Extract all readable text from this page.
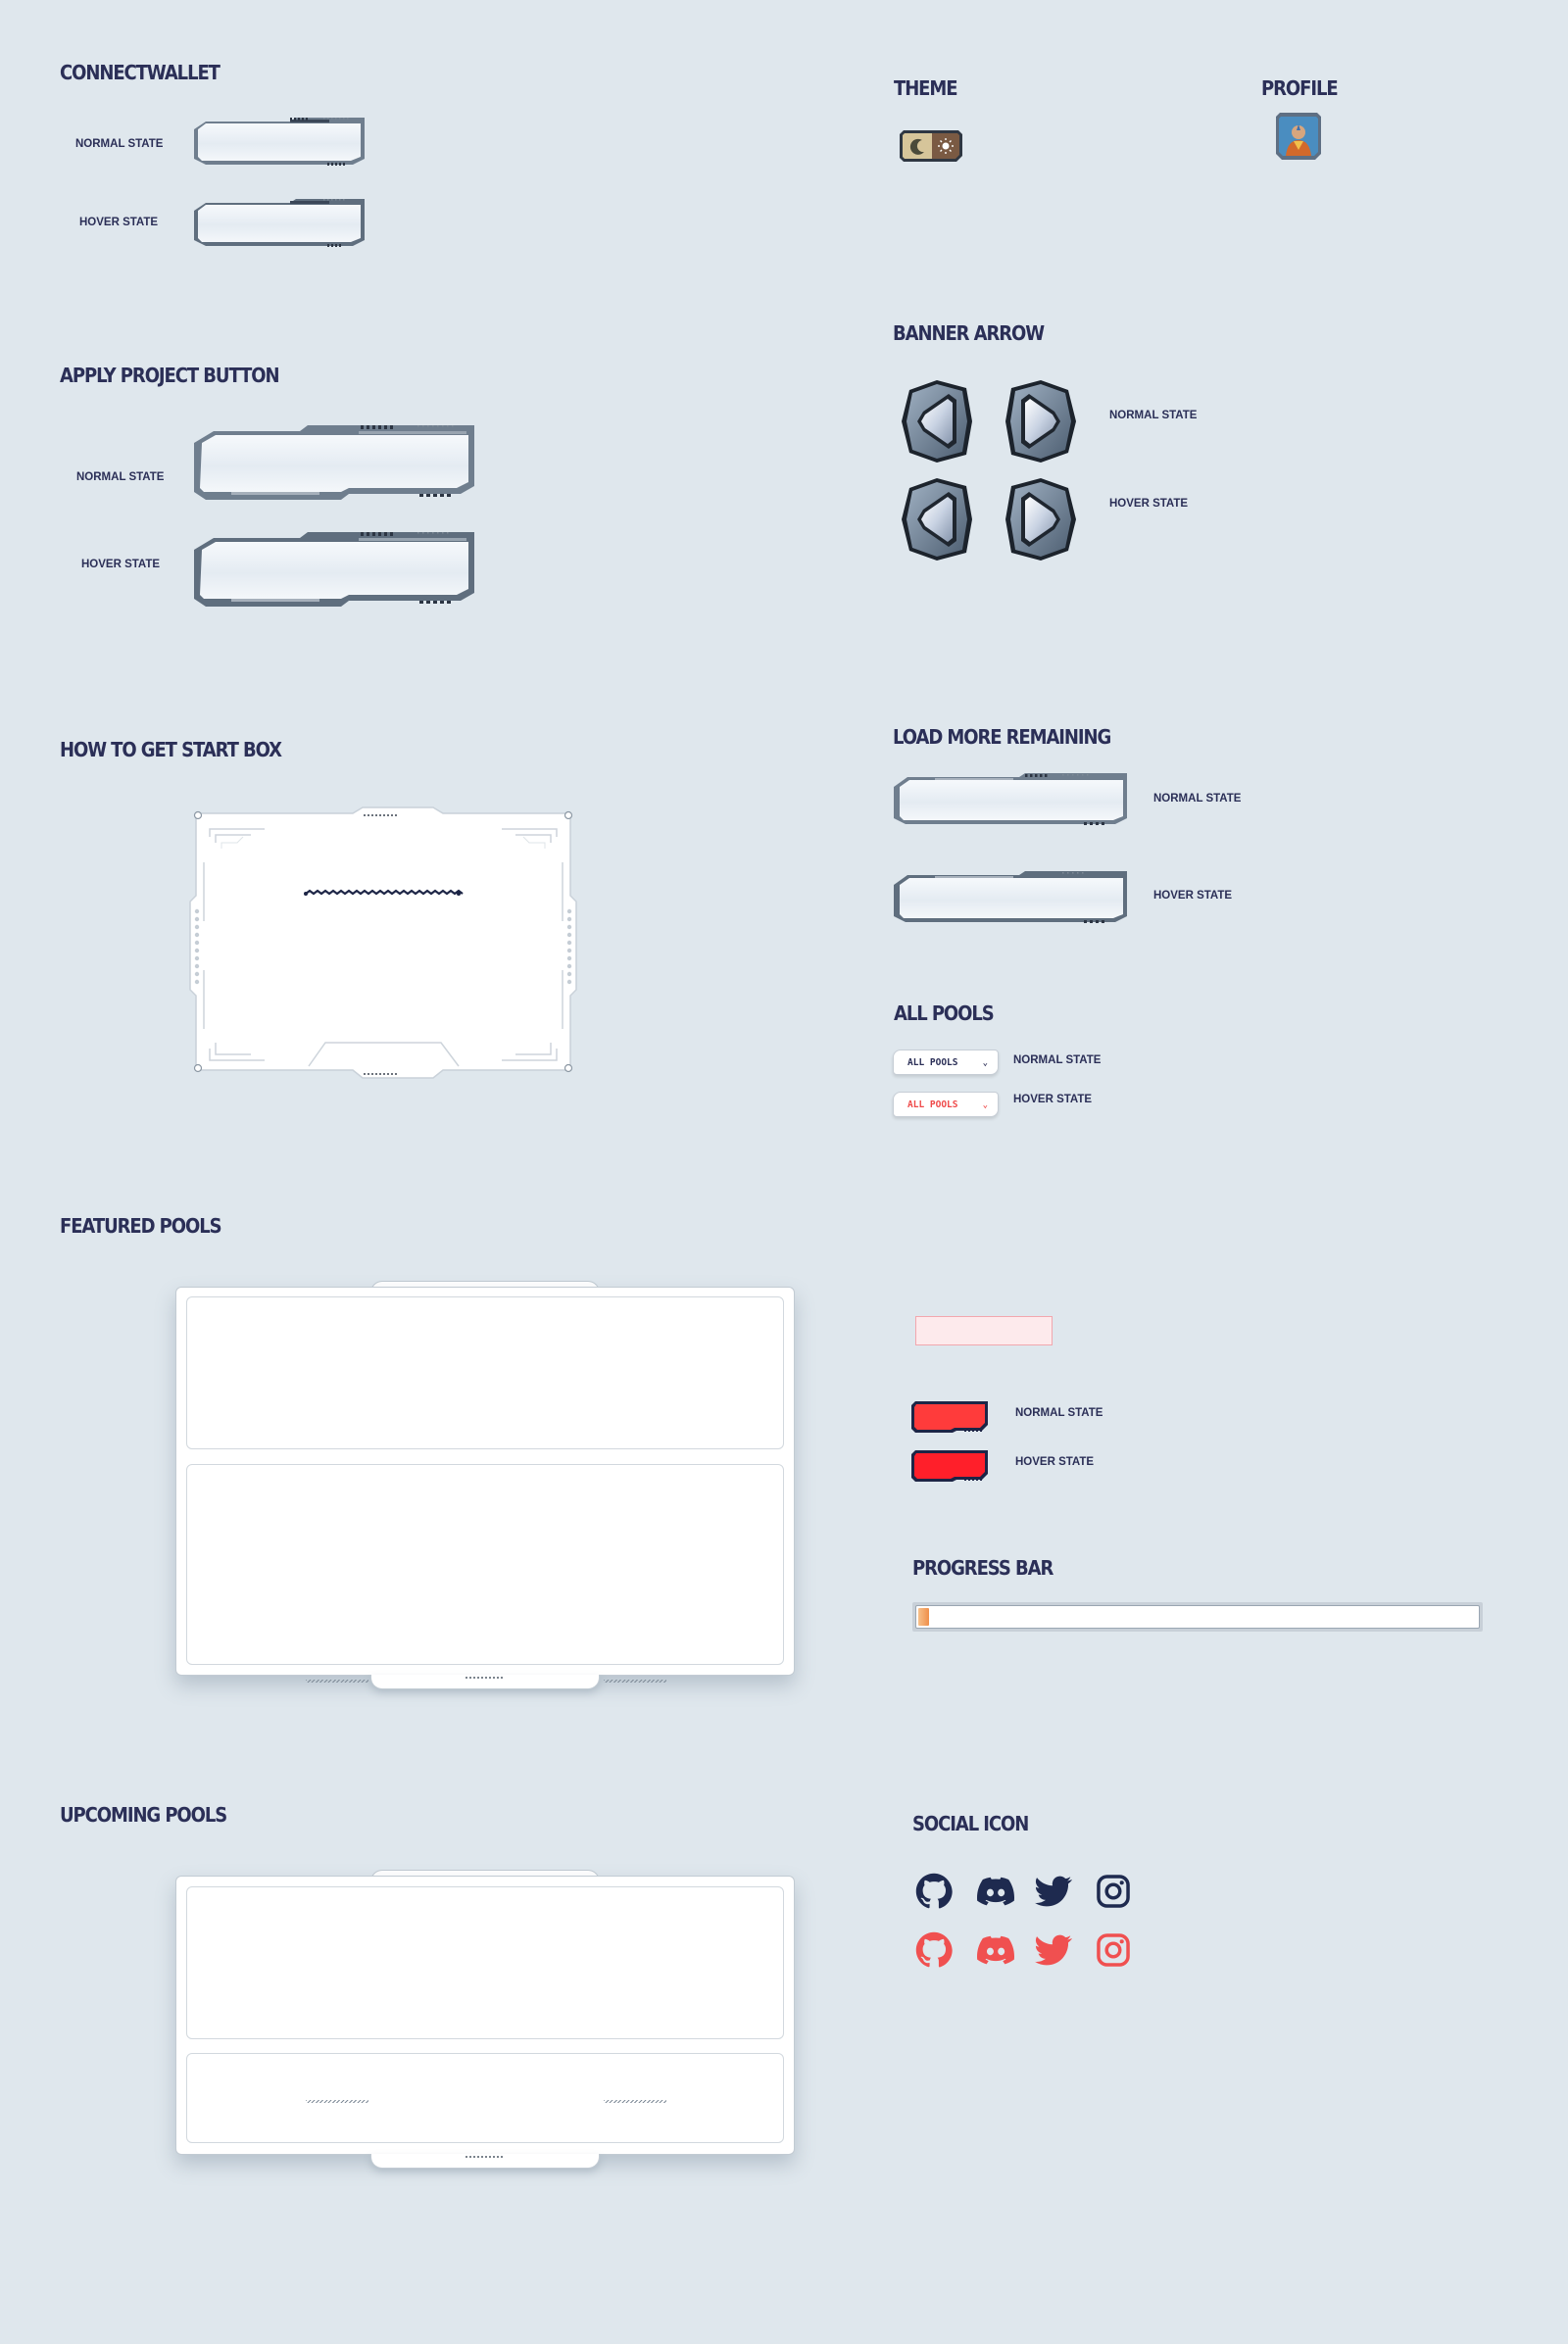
CONNECTWALLET
NORMAL STATE
HOVER STATE
THEME	PROFILE
APPLY PROJECT BUTTON
NORMAL STATE
HOVER STATE
BANNER ARROW
NORMAL STATE
HOVER STATE
HOW TO GET START BOX
LOAD MORE REMAINING
NORMAL STATE
HOVER STATE
ALL POOLS
ALL POOLS	⌄
ALL POOLS	⌄
NORMAL STATE
HOVER STATE
FEATURED POOLS
NORMAL STATE
HOVER STATE
PROGRESS BAR
UPCOMING POOLS	SOCIAL ICON
